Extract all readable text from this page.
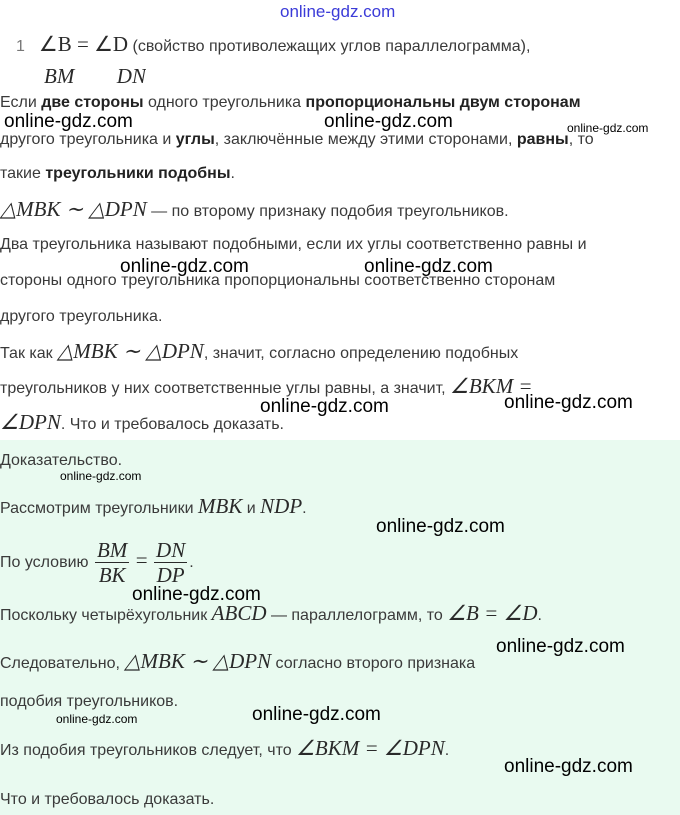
1 ∠B = ∠D (свойство противолежащих углов параллелограмма),
BM DN
Если две стороны одного треугольника пропорциональны двум сторонам
другого треугольника и углы, заключённые между этими сторонами, равны, то
такие треугольники подобны.
△MBK ∼ △DPN — по второму признаку подобия треугольников.
Два треугольника называют подобными, если их углы соответственно равны и
стороны одного треугольника пропорциональны соответственно сторонам
другого треугольника.
Так как △MBK ∼ △DPN, значит, согласно определению подобных
треугольников у них соответственные углы равны, а значит, ∠BKM =
∠DPN. Что и требовалось доказать.
Доказательство.
Рассмотрим треугольники MBK и NDP.
По условию $\frac{BM}{BK} = \frac{DN}{DP}$ .
Поскольку четырёхугольник ABCD — параллелограмм, то ∠B = ∠D.
Следовательно, △MBK ∼ △DPN согласно второго признака
подобия треугольников.
Из подобия треугольников следует, что ∠BKM = ∠DPN.
Что и требовалось доказать.
online-gdz.com
online-gdz.com	online-gdz.com	online-gdz.com
online-gdz.com	online-gdz.com
online-gdz.com	online-gdz.com
online-gdz.com
online-gdz.com
online-gdz.com
online-gdz.com
online-gdz.com
online-gdz.com
online-gdz.com
